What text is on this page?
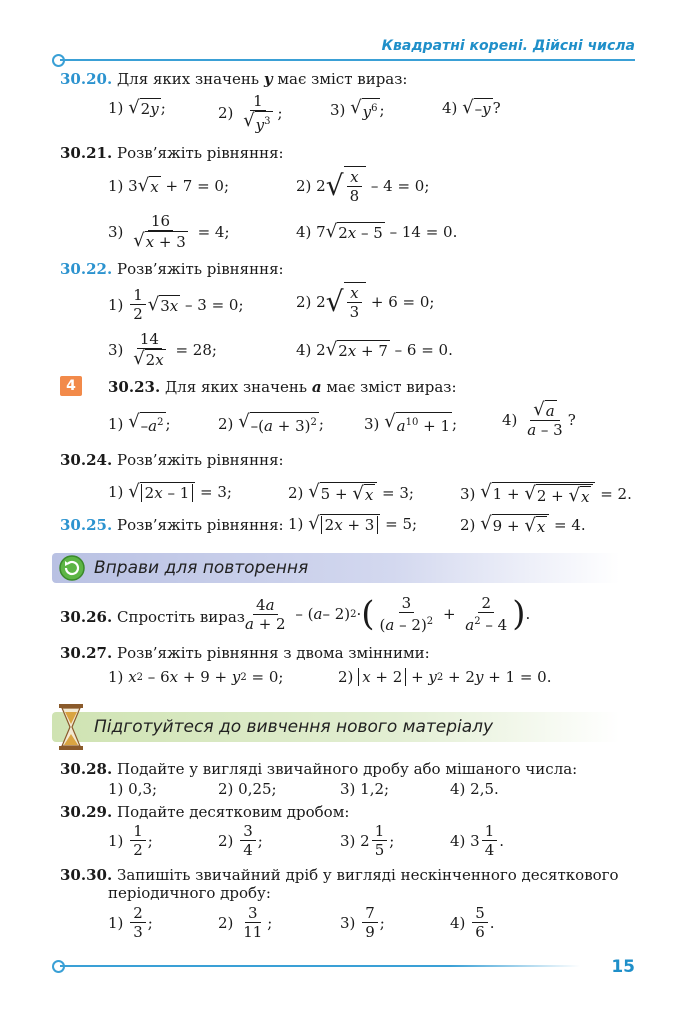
Квадратні корені. Дійсні числа
30.20. Для яких значень y має зміст вираз:
1)
√ 2y ;	2)
$\frac{1}{√ y^3}$ ;	3)
√ $y^6$ ;	4)
√ –y ?
30.21. Розв’яжіть рівняння:
1) 3 √ x + 7 = 0;	2) 2 √ $\frac{x}{8} - 4 = 0$;
3)
$\frac{16}{√ x + 3} = 4$;	4) 7 √ 2x – 5 – 14 = 0.
30.22. Розв’яжіть рівняння:
1)
$\frac{1}{2}$ √ 3x – 3 = 0;	2) 2 √ $\frac{x}{3} + 6 = 0$;
3)
$\frac{14}{√ 2x} = 28$;	4) 2 √ 2x + 7 – 6 = 0.
4	30.23. Для яких значень a має зміст вираз:
1)
√ $-a^2$ ;	2)
√ $-(a + 3)^2$ ;	3)
√ $a^{10} + 1$ ;	4)
$\frac{√ a}{a - 3}$ ?
30.24. Розв’яжіть рівняння:
1)
√ 2x – 1 = 3;	2)
√ 5 + √ x = 3;	3)
√ 1 + √ 2 + √ x = 2.
30.25. Розв’яжіть рівняння: 1)
√ 2x + 3 = 5;	2)
√ 9 + √ x = 4.
Вправи для повторення
30.26. Спростіть вираз
$\frac{4a}{a + 2}$ – ( a – 2) 2 · ( $\frac{3}{(a - 2)^2} + \frac{2}{a^2 - 4}$ ) .
30.27. Розв’яжіть рівняння з двома змінними:
1)
x 2 – 6 x + 9 + y 2 = 0;	2)
x + 2 + y 2 + 2 y + 1 = 0.
Підготуйтеся до вивчення нового матеріалу
30.28. Подайте у вигляді звичайного дробу або мішаного числа:
1) 0,3;	2) 0,25;	3) 1,2;	4) 2,5.
30.29. Подайте десятковим дробом:
1)
$\frac{1}{2}$ ;	2)
$\frac{3}{4}$ ;	3) $2 \frac{1}{5}$ ;	4) $3 \frac{1}{4}$ .
30.30. Запишіть звичайний дріб у вигляді нескінченного десяткового
періодичного дробу:
1)
$\frac{2}{3}$ ;	2)
$\frac{3}{11}$ ;	3)
$\frac{7}{9}$ ;	4)
$\frac{5}{6}$ .
15
